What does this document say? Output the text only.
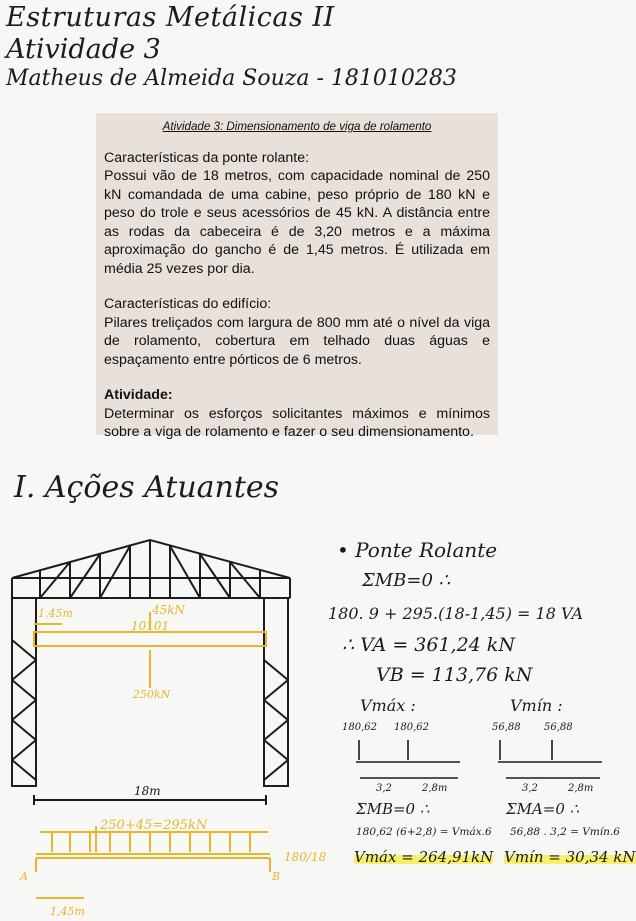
Estruturas Metálicas II
Atividade 3
Matheus de Almeida Souza - 181010283
Atividade 3: Dimensionamento de viga de rolamento

Características da ponte rolante:

Possui vão de 18 metros, com capacidade nominal de 250 kN comandada de uma cabine, peso próprio de 180 kN e peso do trole e seus acessórios de 45 kN. A distância entre as rodas da cabeceira é de 3,20 metros e a máxima aproximação do gancho é de 1,45 metros. É utilizada em média 25 vezes por dia.

Características do edifício:

Pilares treliçados com largura de 800 mm até o nível da viga de rolamento, cobertura em telhado duas águas e espaçamento entre pórticos de 6 metros.

Atividade:

Determinar os esforços solicitantes máximos e mínimos sobre a viga de rolamento e fazer o seu dimensionamento.

I. Ações Atuantes
1,45m	45kN
10101
250kN
18m
250+45=295kN
180/18
A	B
1,45m
• Ponte Rolante
ΣMB=0 ∴
180. 9 + 295.(18-1,45) = 18 VA
∴ VA = 361,24 kN
VB = 113,76 kN
Vmáx :	Vmín :
180,62 180,62	56,88 56,88
3,2	2,8m	3,2	2,8m
ΣMB=0 ∴	ΣMA=0 ∴
180,62 (6+2,8) = Vmáx.6 56,88 . 3,2 = Vmín.6
Vmáx = 264,91kN Vmín = 30,34 kN
